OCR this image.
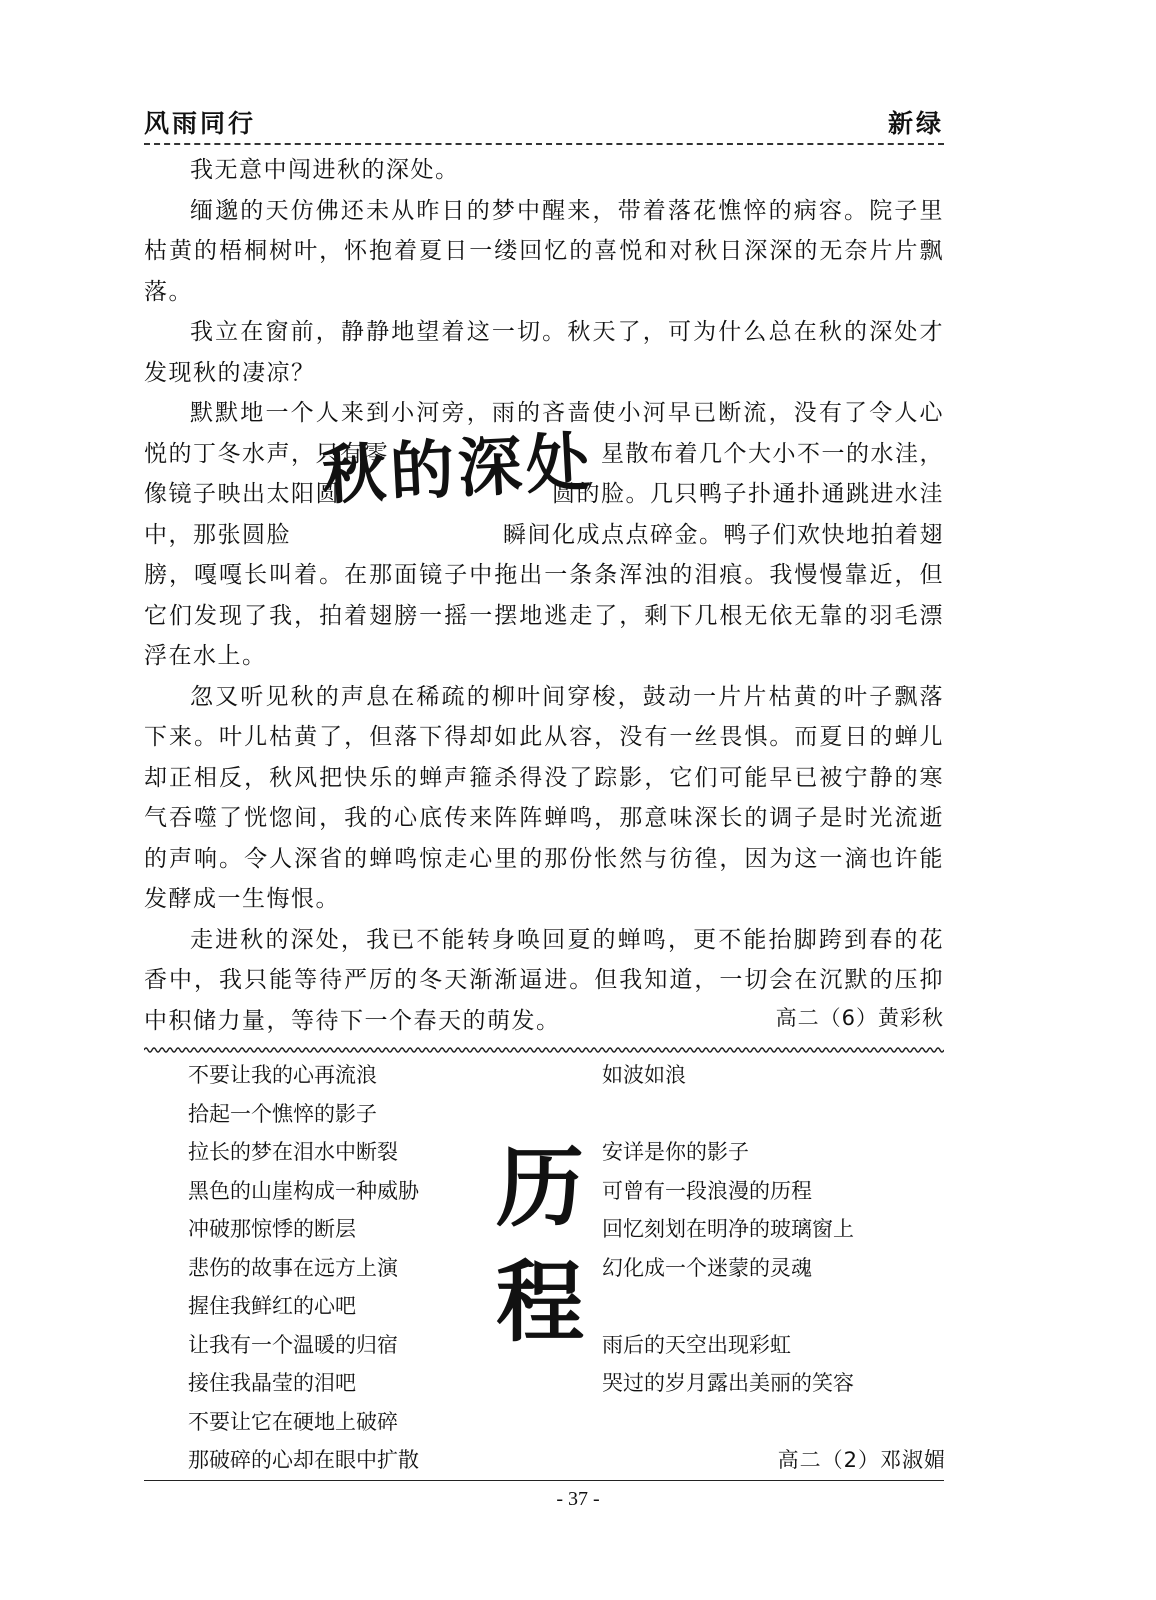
风雨同行	新绿

我无意中闯进秋的深处。

缅邈的天仿佛还未从昨日的梦中醒来，带着落花憔悴的病容。院子里枯黄的梧桐树叶，怀抱着夏日一缕回忆的喜悦和对秋日深深的无奈片片飘落。

我立在窗前，静静地望着这一切。秋天了，可为什么总在秋的深处才发现秋的凄凉？

默默地一个人来到小河旁，雨的吝啬使小河早已断流，没有了令人心悦的丁冬水声，只有零	星散布着几个大小不一的水洼，像镜子映出太阳圆	圆的脸。几只鸭子扑通扑通跳进水洼中，那张圆脸	瞬间化成点点碎金。鸭子们欢快地拍着翅膀，嘎嘎长叫着。在那面镜子中拖出一条条浑浊的泪痕。我慢慢靠近，但它们发现了我，拍着翅膀一摇一摆地逃走了，剩下几根无依无靠的羽毛漂浮在水上。

忽又听见秋的声息在稀疏的柳叶间穿梭，鼓动一片片枯黄的叶子飘落下来。叶儿枯黄了，但落下得却如此从容，没有一丝畏惧。而夏日的蝉儿却正相反，秋风把快乐的蝉声箍杀得没了踪影，它们可能早已被宁静的寒气吞噬了恍惚间，我的心底传来阵阵蝉鸣，那意味深长的调子是时光流逝的声响。令人深省的蝉鸣惊走心里的那份怅然与彷徨，因为这一滴也许能发酵成一生悔恨。

走进秋的深处，我已不能转身唤回夏的蝉鸣，更不能抬脚跨到春的花香中，我只能等待严厉的冬天渐渐逼进。但我知道，一切会在沉默的压抑中积储力量，等待下一个春天的萌发。

秋的深处
高二（6）黄彩秋
不要让我的心再流浪
拾起一个憔悴的影子
拉长的梦在泪水中断裂
黑色的山崖构成一种威胁
冲破那惊悸的断层
悲伤的故事在远方上演
握住我鲜红的心吧
让我有一个温暖的归宿
接住我晶莹的泪吧
不要让它在硬地上破碎
那破碎的心却在眼中扩散
历程
如波如浪
安详是你的影子
可曾有一段浪漫的历程
回忆刻划在明净的玻璃窗上
幻化成一个迷蒙的灵魂
雨后的天空出现彩虹
哭过的岁月露出美丽的笑容
高二（2）邓淑媚
- 37 -
